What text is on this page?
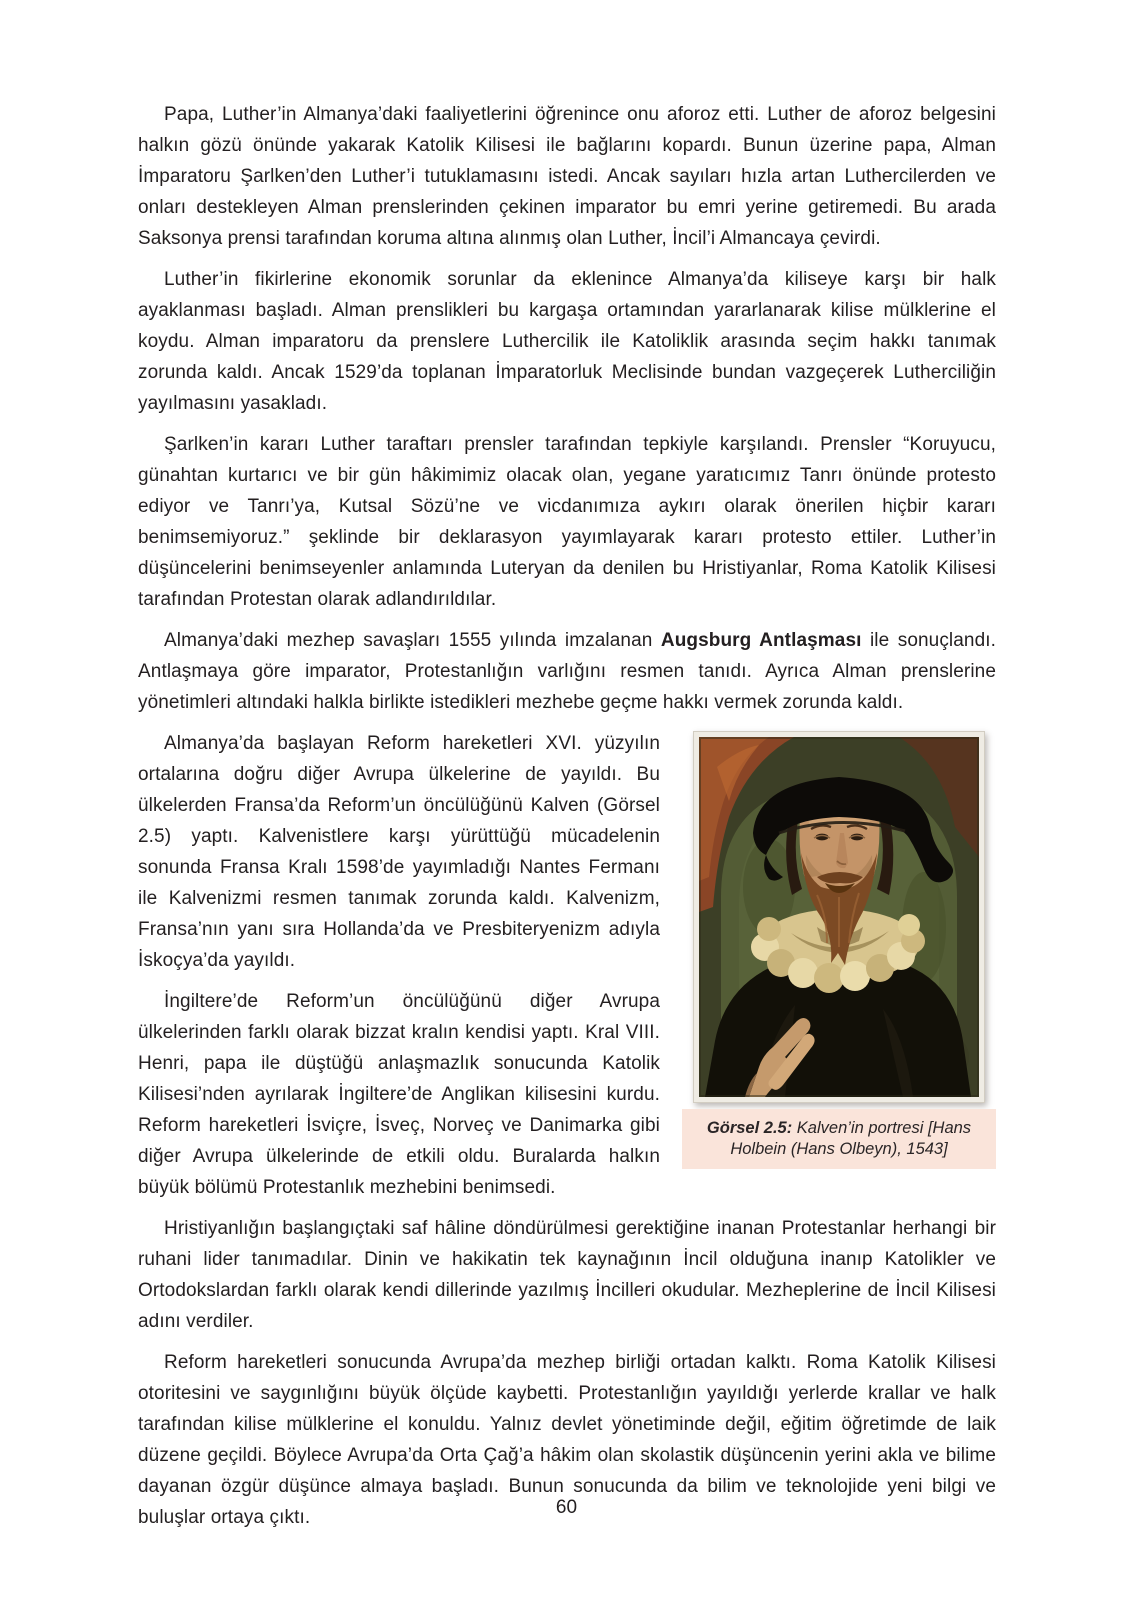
Papa, Luther’in Almanya’daki faaliyetlerini öğrenince onu aforoz etti. Luther de aforoz belgesini halkın gözü önünde yakarak Katolik Kilisesi ile bağlarını kopardı. Bunun üzerine papa, Alman İmparatoru Şarlken’den Luther’i tutuklamasını istedi. Ancak sayıları hızla artan Luthercilerden ve onları destekleyen Alman prenslerinden çekinen imparator bu emri yerine getiremedi. Bu arada Saksonya prensi tarafından koruma altına alınmış olan Luther, İncil’i Almancaya çevirdi.

Luther’in fikirlerine ekonomik sorunlar da eklenince Almanya’da kiliseye karşı bir halk ayaklanması başladı. Alman prenslikleri bu kargaşa ortamından yararlanarak kilise mülklerine el koydu. Alman imparatoru da prenslere Luthercilik ile Katoliklik arasında seçim hakkı tanımak zorunda kaldı. Ancak 1529’da toplanan İmparatorluk Meclisinde bundan vazgeçerek Lutherciliğin yayılmasını yasakladı.

Şarlken’in kararı Luther taraftarı prensler tarafından tepkiyle karşılandı. Prensler “Koruyucu, günahtan kurtarıcı ve bir gün hâkimimiz olacak olan, yegane yaratıcımız Tanrı önünde protesto ediyor ve Tanrı’ya, Kutsal Sözü’ne ve vicdanımıza aykırı olarak önerilen hiçbir kararı benimsemiyoruz.” şeklinde bir deklarasyon yayımlayarak kararı protesto ettiler. Luther’in düşüncelerini benimseyenler anlamında Luteryan da denilen bu Hristiyanlar, Roma Katolik Kilisesi tarafından Protestan olarak adlandırıldılar.

Almanya’daki mezhep savaşları 1555 yılında imzalanan Augsburg Antlaşması ile sonuçlandı. Antlaşmaya göre imparator, Protestanlığın varlığını resmen tanıdı. Ayrıca Alman prenslerine yönetimleri altındaki halkla birlikte istedikleri mezhebe geçme hakkı vermek zorunda kaldı.

Görsel 2.5: Kalven’in portresi [Hans Holbein (Hans Olbeyn), 1543]

Almanya’da başlayan Reform hareketleri XVI. yüzyılın ortalarına doğru diğer Avrupa ülkelerine de yayıldı. Bu ülkelerden Fransa’da Reform’un öncülüğünü Kalven (Görsel 2.5) yaptı. Kalvenistlere karşı yürüttüğü mücadelenin sonunda Fransa Kralı 1598’de yayımladığı Nantes Fermanı ile Kalvenizmi resmen tanımak zorunda kaldı. Kalvenizm, Fransa’nın yanı sıra Hollanda’da ve Presbiteryenizm adıyla İskoçya’da yayıldı.

İngiltere’de Reform’un öncülüğünü diğer Avrupa ülkelerinden farklı olarak bizzat kralın kendisi yaptı. Kral VIII. Henri, papa ile düştüğü anlaşmazlık sonucunda Katolik Kilisesi’nden ayrılarak İngiltere’de Anglikan kilisesini kurdu. Reform hareketleri İsviçre, İsveç, Norveç ve Danimarka gibi diğer Avrupa ülkelerinde de etkili oldu. Buralarda halkın büyük bölümü Protestanlık mezhebini benimsedi.

Hristiyanlığın başlangıçtaki saf hâline döndürülmesi gerektiğine inanan Protestanlar herhangi bir ruhani lider tanımadılar. Dinin ve hakikatin tek kaynağının İncil olduğuna inanıp Katolikler ve Ortodokslardan farklı olarak kendi dillerinde yazılmış İncilleri okudular. Mezheplerine de İncil Kilisesi adını verdiler.

Reform hareketleri sonucunda Avrupa’da mezhep birliği ortadan kalktı. Roma Katolik Kilisesi otoritesini ve saygınlığını büyük ölçüde kaybetti. Protestanlığın yayıldığı yerlerde krallar ve halk tarafından kilise mülklerine el konuldu. Yalnız devlet yönetiminde değil, eğitim öğretimde de laik düzene geçildi. Böylece Avrupa’da Orta Çağ’a hâkim olan skolastik düşüncenin yerini akla ve bilime dayanan özgür düşünce almaya başladı. Bunun sonucunda da bilim ve teknolojide yeni bilgi ve buluşlar ortaya çıktı.	60
